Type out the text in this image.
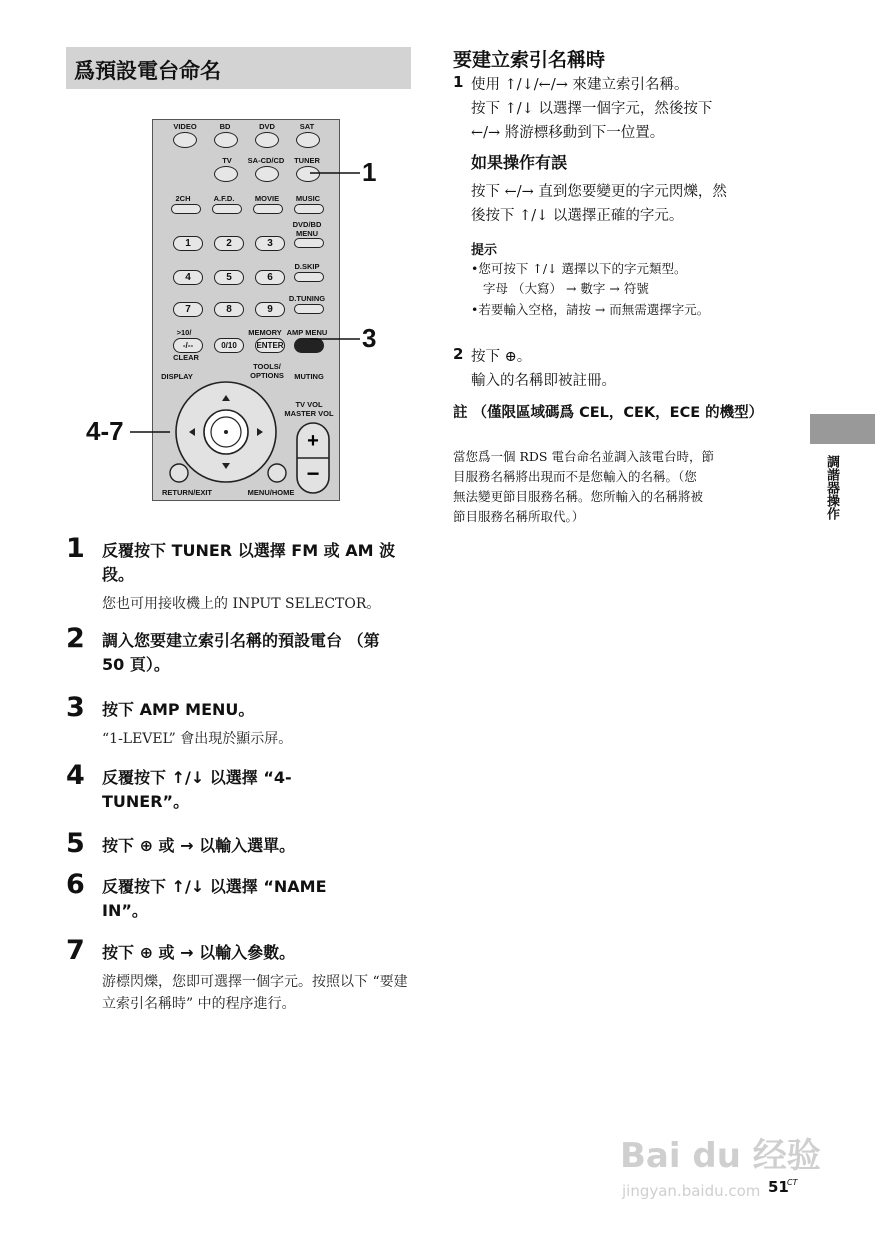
爲預設電台命名
VIDEO	BD	DVD	SAT
TV	SA-CD/CD	TUNER
2CH	A.F.D.	MOVIE	MUSIC
DVD/BD MENU
1	2	3
D.SKIP
4	5	6
D.TUNING
7	8	9
>10/	MEMORY AMP MENU
-/--	0/10	ENTER
CLEAR
TOOLS/ OPTIONS
DISPLAY	MUTING
TV VOL
MASTER VOL
+
−
RETURN/EXIT	MENU/HOME
1
3
4-7
1 反覆按下 TUNER 以選擇 FM 或 AM 波段。
您也可用接收機上的 INPUT SELECTOR。
2 調入您要建立索引名稱的預設電台 （第 50 頁）。
3 按下 AMP MENU。
“1-LEVEL” 會出現於顯示屏。
4 反覆按下 ↑/↓ 以選擇 “4-TUNER”。
5 按下 ⊕ 或 → 以輸入選單。
6 反覆按下 ↑/↓ 以選擇 “NAME IN”。
7 按下 ⊕ 或 → 以輸入參數。
游標閃爍，您即可選擇一個字元。按照以下 “要建立索引名稱時” 中的程序進行。
要建立索引名稱時
1 使用 ↑/↓/←/→ 來建立索引名稱。
按下 ↑/↓ 以選擇一個字元，然後按下
←/→ 將游標移動到下一位置。
如果操作有誤
按下 ←/→ 直到您要變更的字元閃爍，然
後按下 ↑/↓ 以選擇正確的字元。
提示
•您可按下 ↑/↓ 選擇以下的字元類型。
字母 （大寫） → 數字 → 符號
•若要輸入空格，請按 → 而無需選擇字元。
2 按下 ⊕。
輸入的名稱即被註冊。
註 （僅限區域碼爲 CEL，CEK，ECE 的機型）
當您爲一個 RDS 電台命名並調入該電台時，節
目服務名稱將出現而不是您輸入的名稱。（您
無法變更節目服務名稱。您所輸入的名稱將被
節目服務名稱所取代。）	調諧器操作
Bai du 经验
jingyan.baidu.com 51
CT
